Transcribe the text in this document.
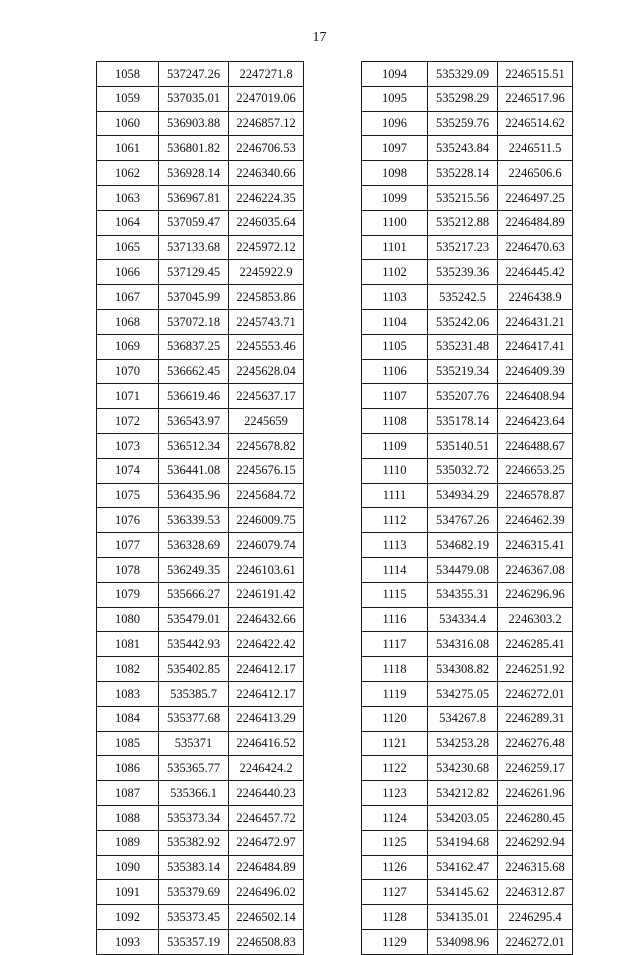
17
1058	537247.26	2247271.8
1059	537035.01	2247019.06
1060	536903.88	2246857.12
1061	536801.82	2246706.53
1062	536928.14	2246340.66
1063	536967.81	2246224.35
1064	537059.47	2246035.64
1065	537133.68	2245972.12
1066	537129.45	2245922.9
1067	537045.99	2245853.86
1068	537072.18	2245743.71
1069	536837.25	2245553.46
1070	536662.45	2245628.04
1071	536619.46	2245637.17
1072	536543.97	2245659
1073	536512.34	2245678.82
1074	536441.08	2245676.15
1075	536435.96	2245684.72
1076	536339.53	2246009.75
1077	536328.69	2246079.74
1078	536249.35	2246103.61
1079	535666.27	2246191.42
1080	535479.01	2246432.66
1081	535442.93	2246422.42
1082	535402.85	2246412.17
1083	535385.7	2246412.17
1084	535377.68	2246413.29
1085	535371	2246416.52
1086	535365.77	2246424.2
1087	535366.1	2246440.23
1088	535373.34	2246457.72
1089	535382.92	2246472.97
1090	535383.14	2246484.89
1091	535379.69	2246496.02
1092	535373.45	2246502.14
1093	535357.19	2246508.83
1094	535329.09	2246515.51
1095	535298.29	2246517.96
1096	535259.76	2246514.62
1097	535243.84	2246511.5
1098	535228.14	2246506.6
1099	535215.56	2246497.25
1100	535212.88	2246484.89
1101	535217.23	2246470.63
1102	535239.36	2246445.42
1103	535242.5	2246438.9
1104	535242.06	2246431.21
1105	535231.48	2246417.41
1106	535219.34	2246409.39
1107	535207.76	2246408.94
1108	535178.14	2246423.64
1109	535140.51	2246488.67
1110	535032.72	2246653.25
1111	534934.29	2246578.87
1112	534767.26	2246462.39
1113	534682.19	2246315.41
1114	534479.08	2246367.08
1115	534355.31	2246296.96
1116	534334.4	2246303.2
1117	534316.08	2246285.41
1118	534308.82	2246251.92
1119	534275.05	2246272.01
1120	534267.8	2246289.31
1121	534253.28	2246276.48
1122	534230.68	2246259.17
1123	534212.82	2246261.96
1124	534203.05	2246280.45
1125	534194.68	2246292.94
1126	534162.47	2246315.68
1127	534145.62	2246312.87
1128	534135.01	2246295.4
1129	534098.96	2246272.01
